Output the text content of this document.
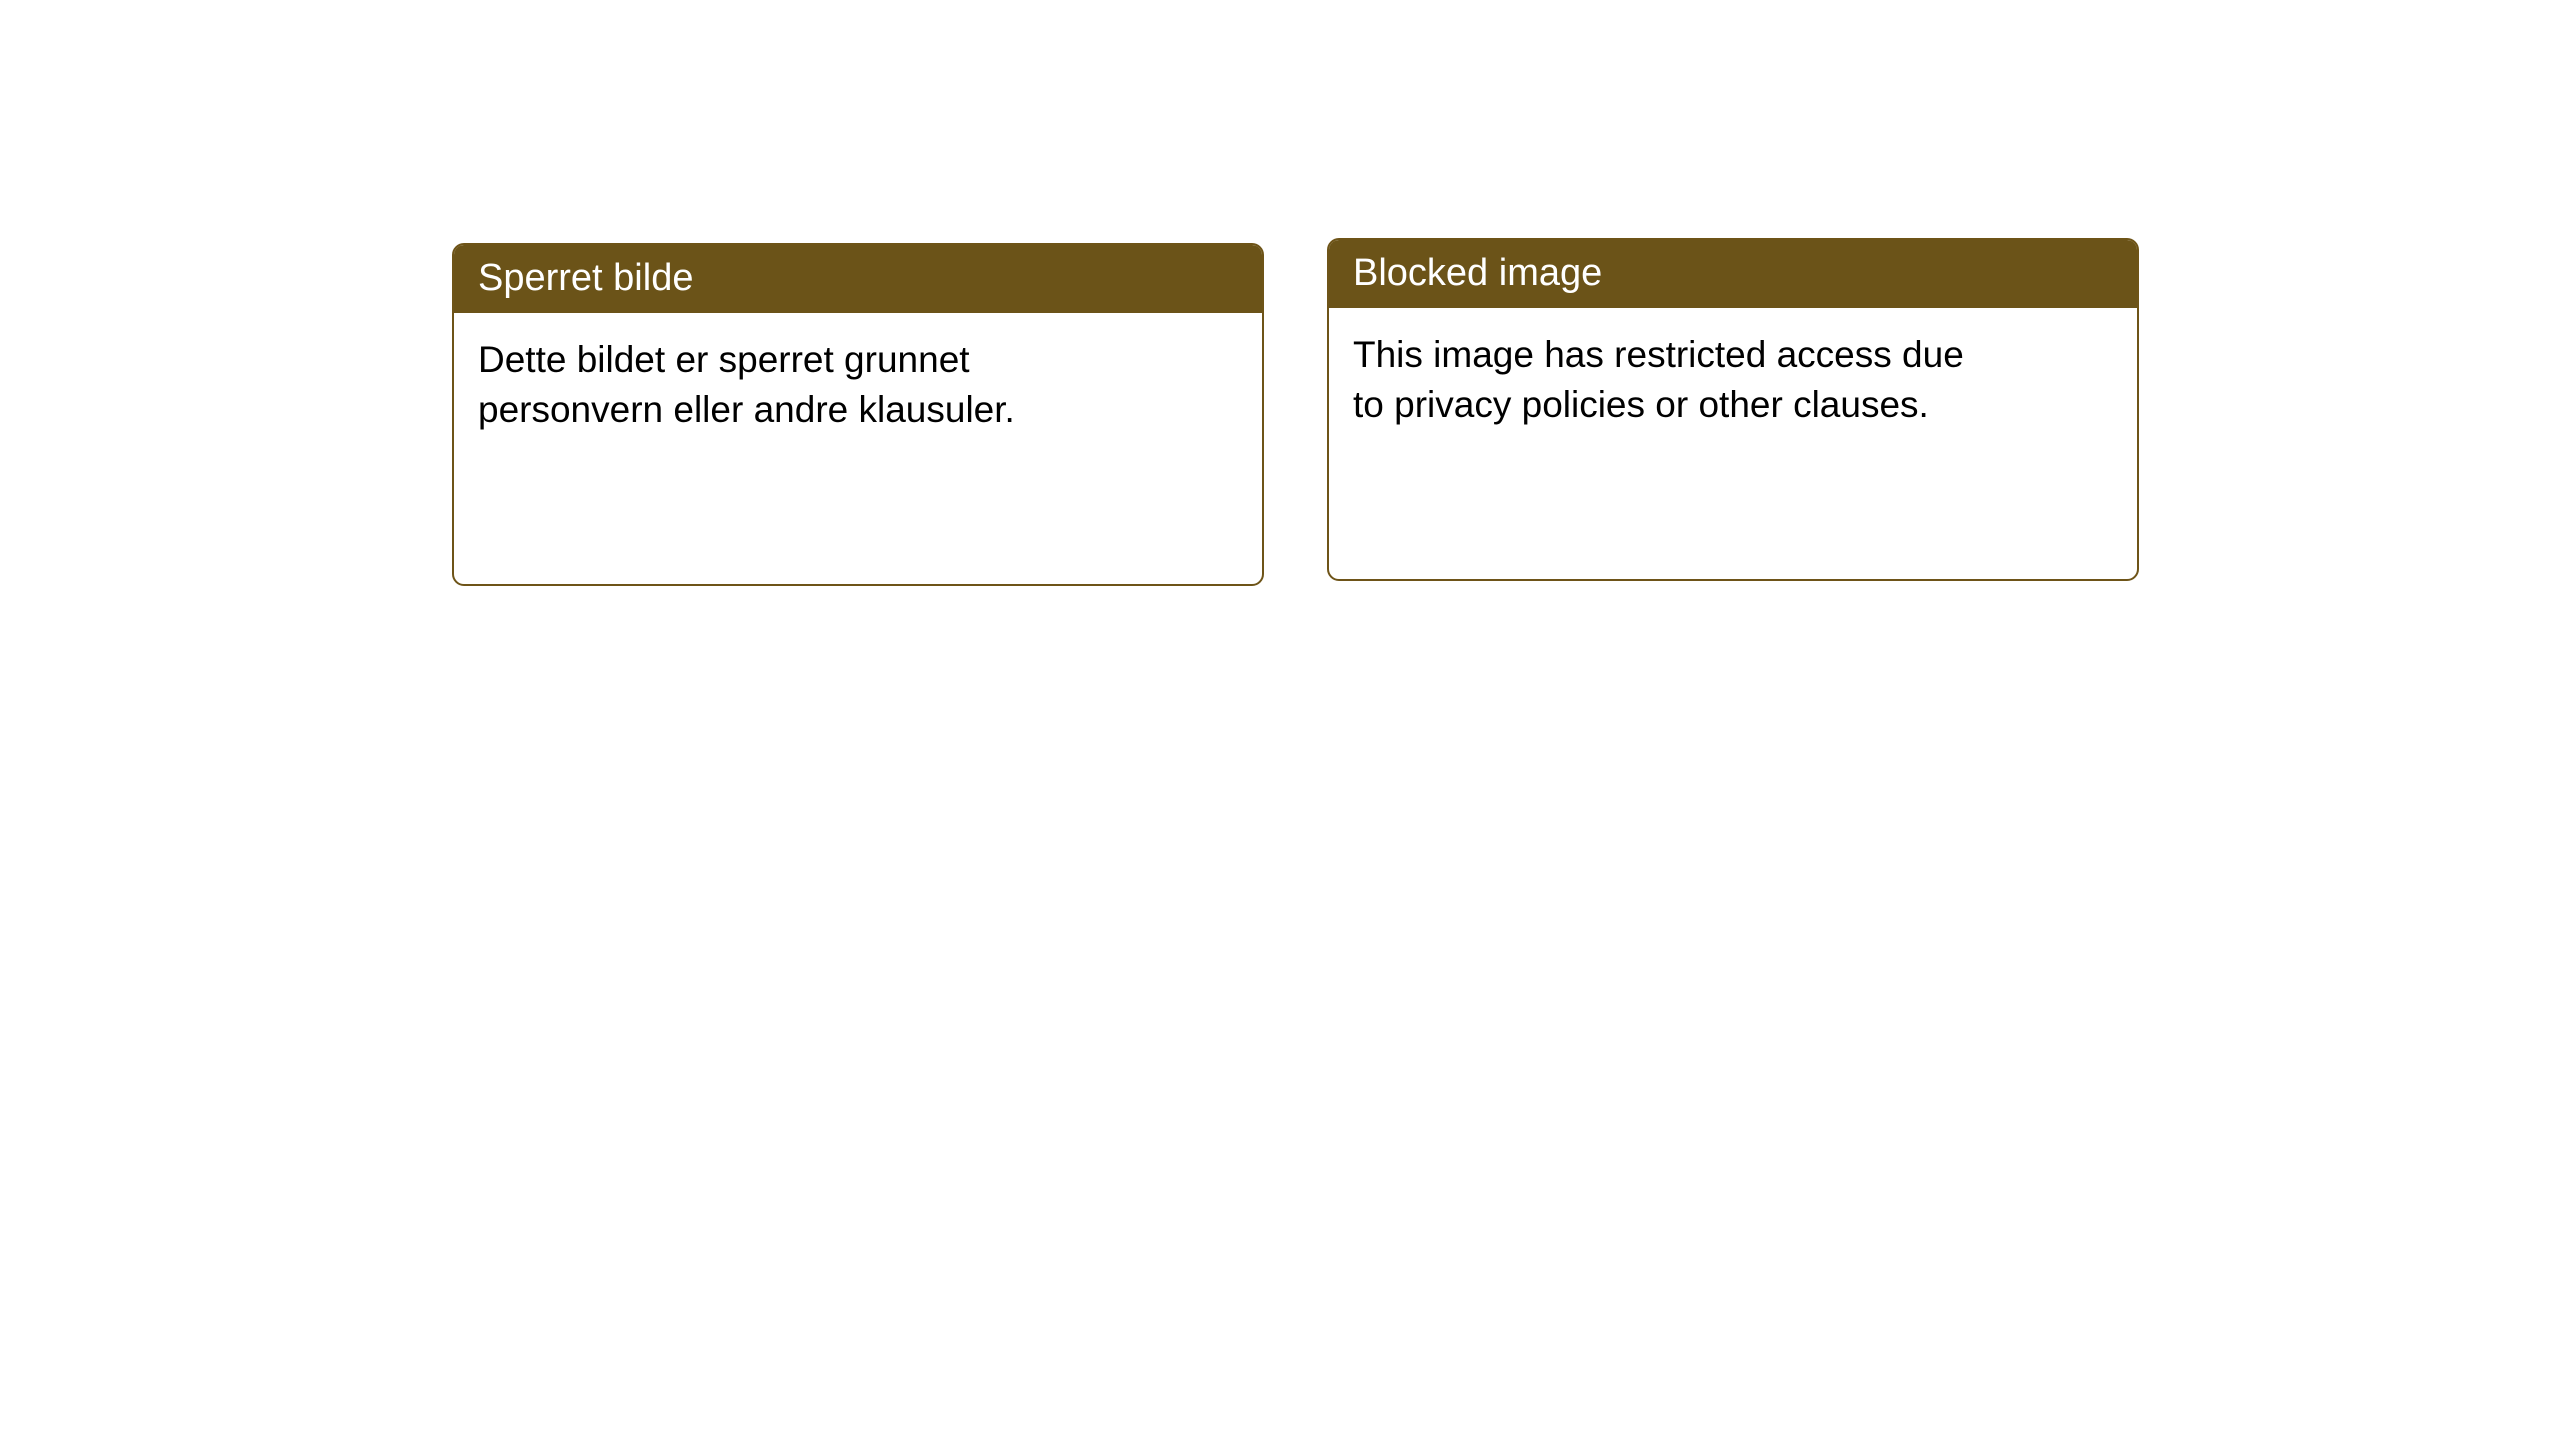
Sperret bilde
Dette bildet er sperret grunnet personvern eller andre klausuler.
Blocked image
This image has restricted access due to privacy policies or other clauses.
